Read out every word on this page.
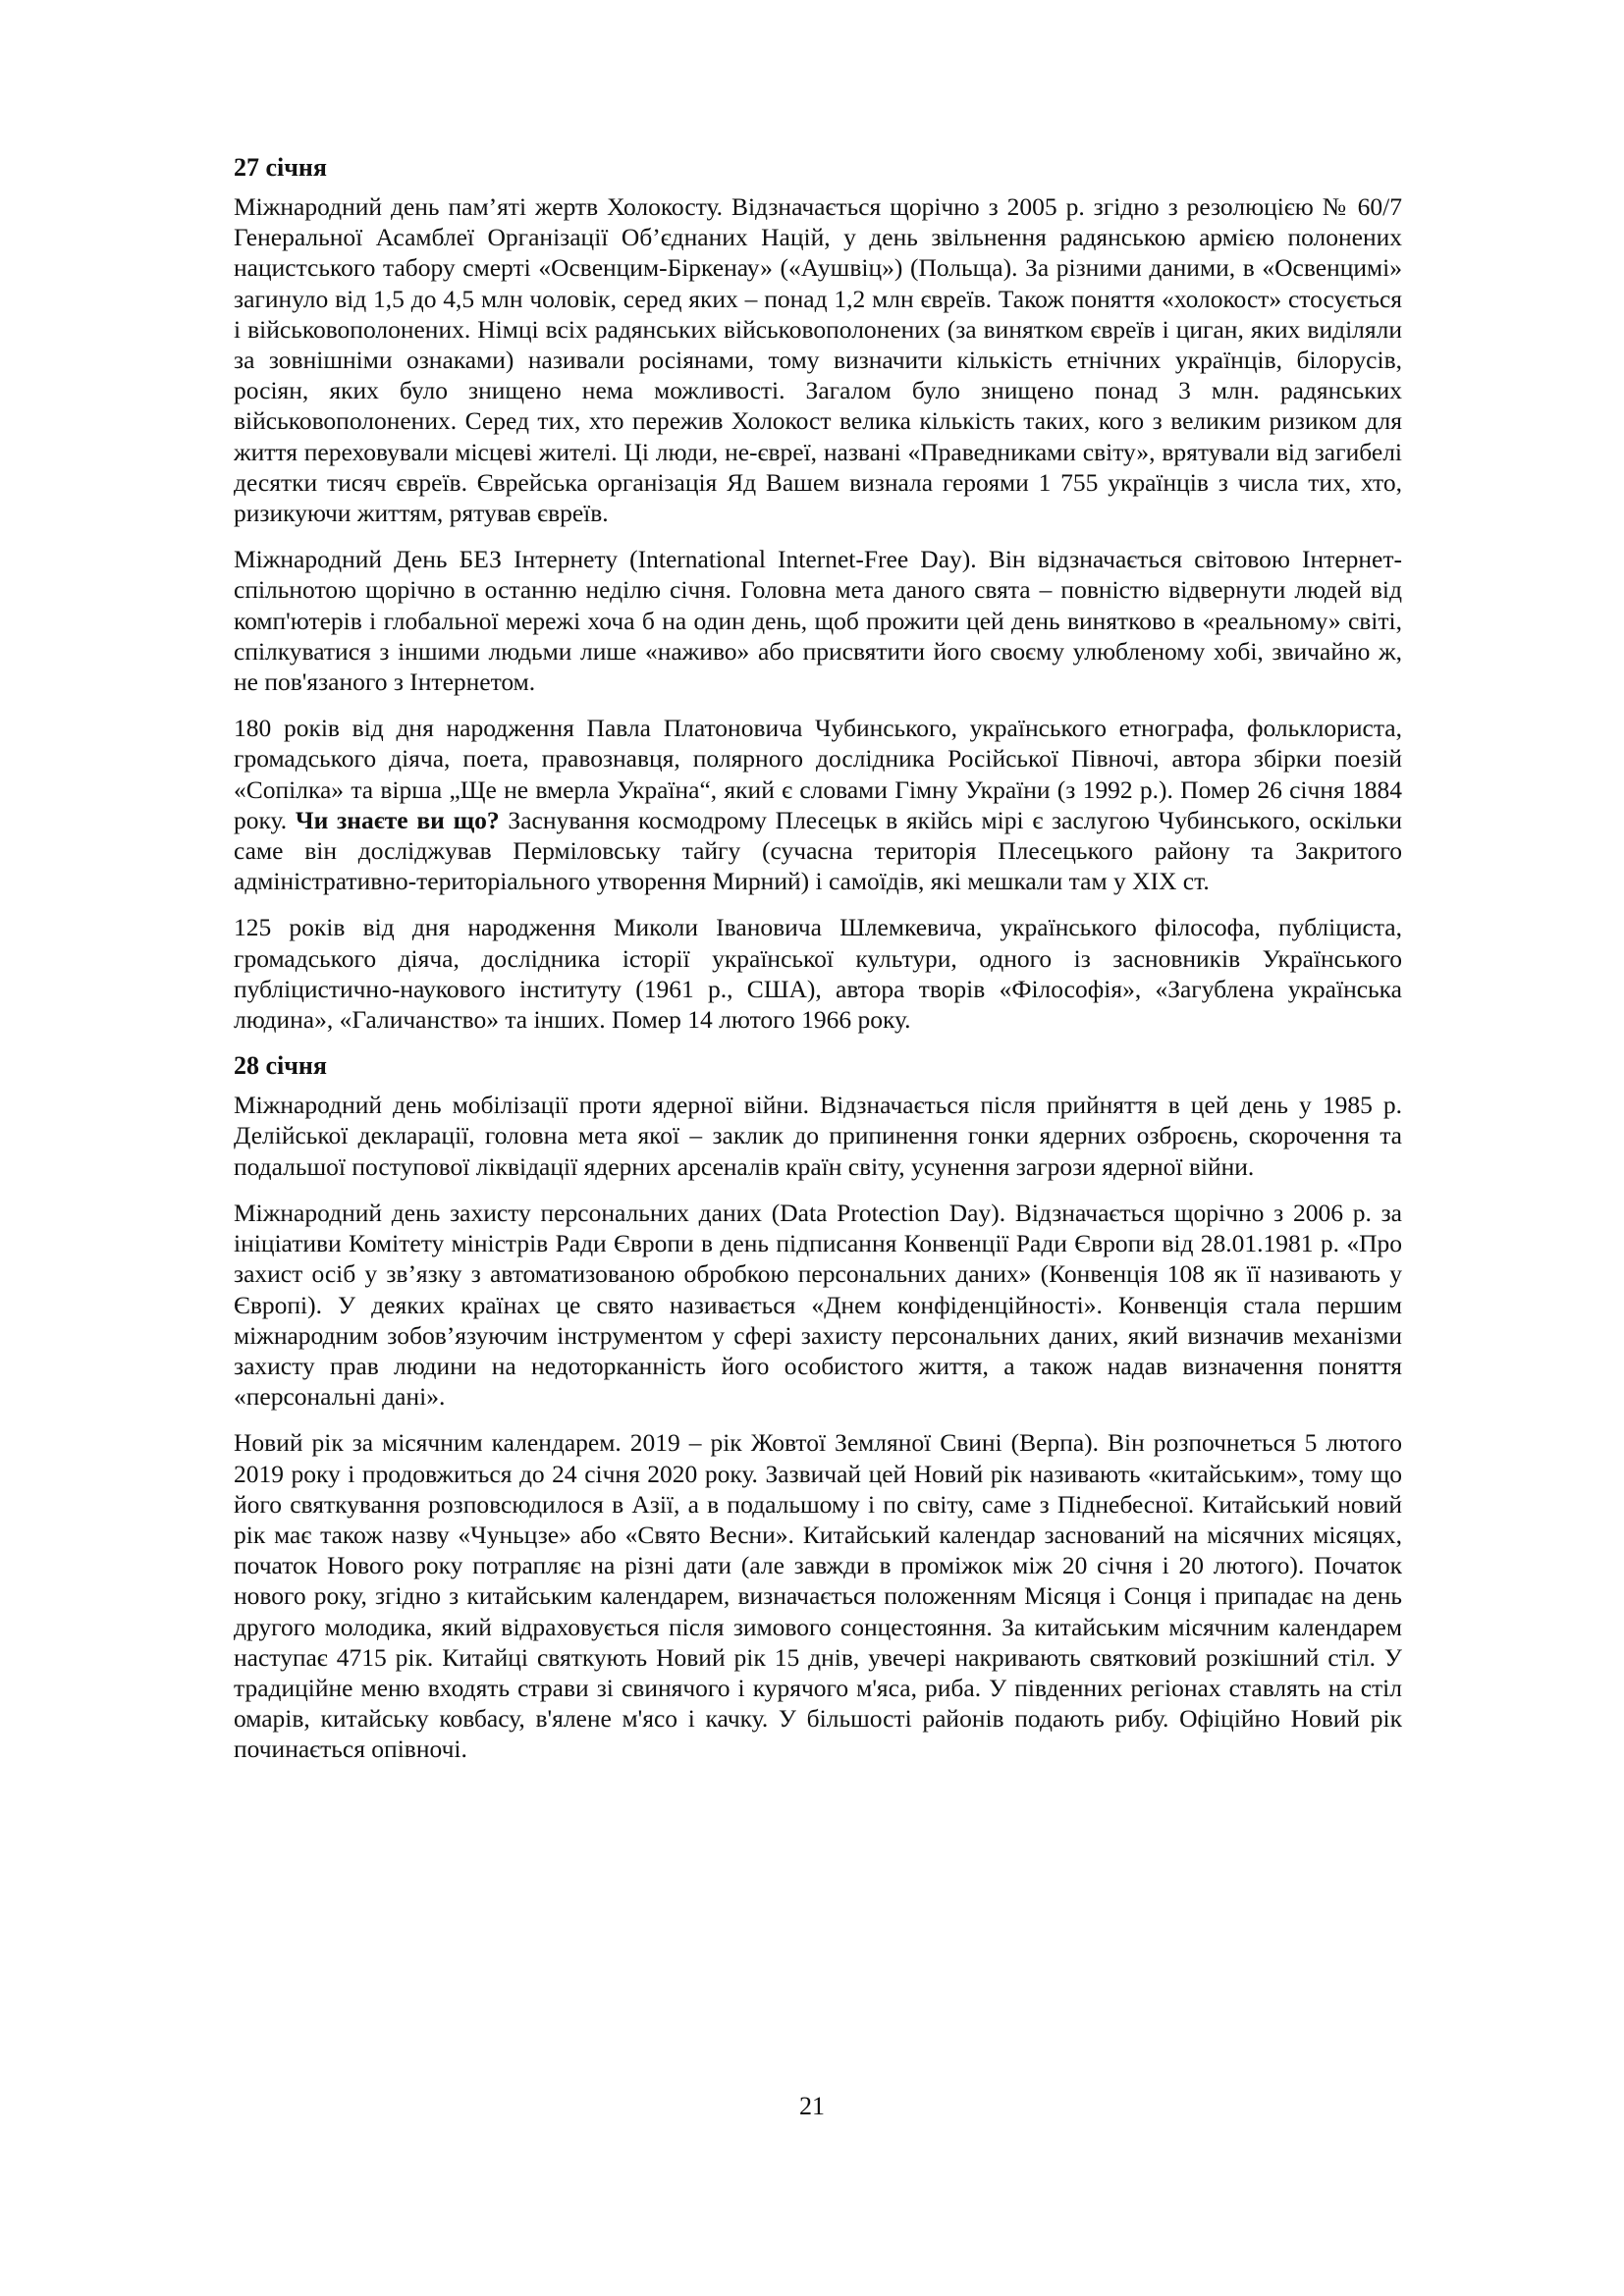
27 січня

Міжнародний день пам’яті жертв Холокосту. Відзначається щорічно з 2005 р. згідно з резолюцією № 60/7 Генеральної Асамблеї Організації Об’єднаних Націй, у день звільнення радянською армією полонених нацистського табору смерті «Освенцим-Біркенау» («Аушвіц») (Польща). За різними даними, в «Освенцимі» загинуло від 1,5 до 4,5 млн чоловік, серед яких – понад 1,2 млн євреїв. Також поняття «холокост» стосується і військовополонених. Німці всіх радянських військовополонених (за винятком євреїв і циган, яких виділяли за зовнішніми ознаками) називали росіянами, тому визначити кількість етнічних українців, білорусів, росіян, яких було знищено нема можливості. Загалом було знищено понад 3 млн. радянських військовополонених. Серед тих, хто пережив Холокост велика кількість таких, кого з великим ризиком для життя переховували місцеві жителі. Ці люди, не-євреї, названі «Праведниками світу», врятували від загибелі десятки тисяч євреїв. Єврейська організація Яд Вашем визнала героями 1 755 українців з числа тих, хто, ризикуючи життям, рятував євреїв.

Міжнародний День БЕЗ Інтернету (International Internet-Free Day). Він відзначається світовою Інтернет-спільнотою щорічно в останню неділю січня. Головна мета даного свята – повністю відвернути людей від комп'ютерів і глобальної мережі хоча б на один день, щоб прожити цей день винятково в «реальному» світі, спілкуватися з іншими людьми лише «наживо» або присвятити його своєму улюбленому хобі, звичайно ж, не пов'язаного з Інтернетом.

180 років від дня народження Павла Платоновича Чубинського, українського етнографа, фольклориста, громадського діяча, поета, правознавця, полярного дослідника Російської Півночі, автора збірки поезій «Сопілка» та вірша „Ще не вмерла Україна“, який є словами Гімну України (з 1992 р.). Помер 26 січня 1884 року. Чи знаєте ви що? Заснування космодрому Плесецьк в якійсь мірі є заслугою Чубинського, оскільки саме він досліджував Перміловську тайгу (сучасна територія Плесецького району та Закритого адміністративно-територіального утворення Мирний) і самоїдів, які мешкали там у XIX ст.

125 років від дня народження Миколи Івановича Шлемкевича, українського філософа, публіциста, громадського діяча, дослідника історії української культури, одного із засновників Українського публіцистично-наукового інституту (1961 р., США), автора творів «Філософія», «Загублена українська людина», «Галичанство» та інших. Помер 14 лютого 1966 року.

28 січня

Міжнародний день мобілізації проти ядерної війни. Відзначається після прийняття в цей день у 1985 р. Делійської декларації, головна мета якої – заклик до припинення гонки ядерних озброєнь, скорочення та подальшої поступової ліквідації ядерних арсеналів країн світу, усунення загрози ядерної війни.

Міжнародний день захисту персональних даних (Data Protection Day). Відзначається щорічно з 2006 р. за ініціативи Комітету міністрів Ради Європи в день підписання Конвенції Ради Європи від 28.01.1981 р. «Про захист осіб у зв’язку з автоматизованою обробкою персональних даних» (Конвенція 108 як її називають у Європі). У деяких країнах це свято називається «Днем конфіденційності». Конвенція стала першим міжнародним зобов’язуючим інструментом у сфері захисту персональних даних, який визначив механізми захисту прав людини на недоторканність його особистого життя, а також надав визначення поняття «персональні дані».

Новий рік за місячним календарем. 2019 – рік Жовтої Земляної Свині (Верпа). Він розпочнеться 5 лютого 2019 року і продовжиться до 24 січня 2020 року. Зазвичай цей Новий рік називають «китайським», тому що його святкування розповсюдилося в Азії, а в подальшому і по світу, саме з Піднебесної. Китайський новий рік має також назву «Чуньцзе» або «Свято Весни». Китайський календар заснований на місячних місяцях, початок Нового року потрапляє на різні дати (але завжди в проміжок між 20 січня і 20 лютого). Початок нового року, згідно з китайським календарем, визначається положенням Місяця і Сонця і припадає на день другого молодика, який відраховується після зимового сонцестояння. За китайським місячним календарем наступає 4715 рік. Китайці святкують Новий рік 15 днів, увечері накривають святковий розкішний стіл. У традиційне меню входять страви зі свинячого і курячого м'яса, риба. У південних регіонах ставлять на стіл омарів, китайську ковбасу, в'ялене м'ясо і качку. У більшості районів подають рибу. Офіційно Новий рік починається опівночі.

21
